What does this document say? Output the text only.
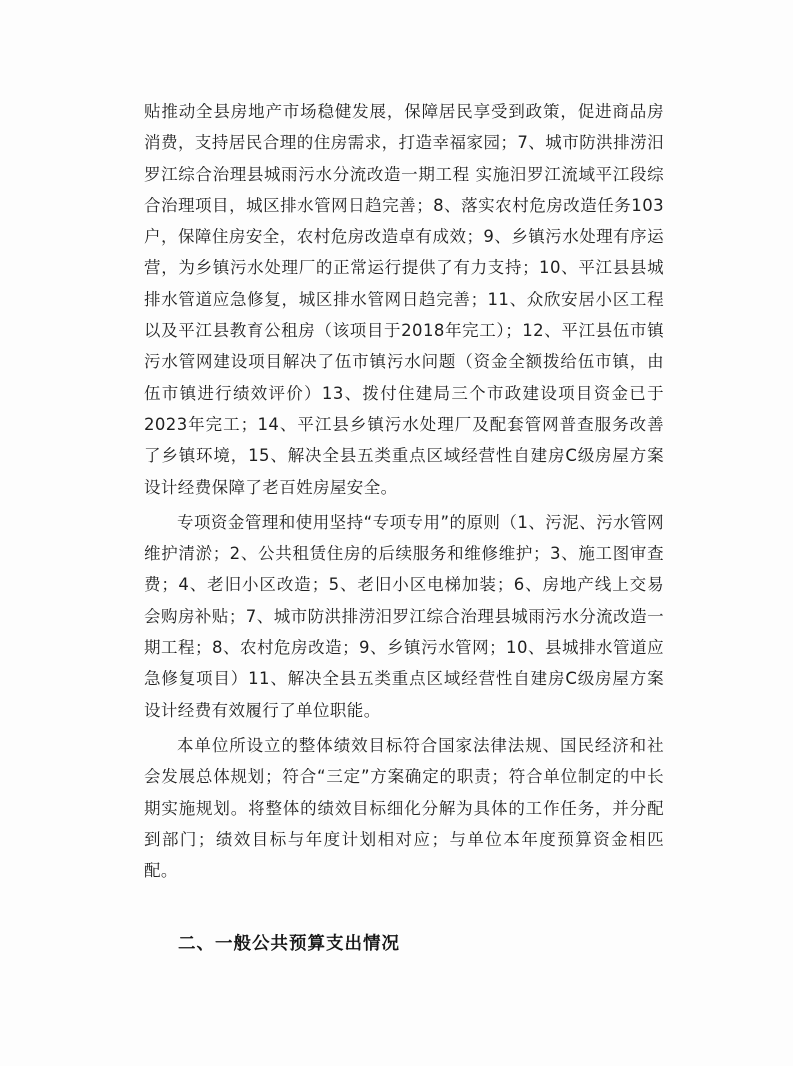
贴推动全县房地产市场稳健发展，保障居民享受到政策，促进商品房消费，支持居民合理的住房需求，打造幸福家园；7、城市防洪排涝汨罗江综合治理县城雨污水分流改造一期工程 实施汨罗江流域平江段综合治理项目，城区排水管网日趋完善；8、落实农村危房改造任务103户，保障住房安全，农村危房改造卓有成效；9、乡镇污水处理有序运营，为乡镇污水处理厂的正常运行提供了有力支持；10、平江县县城排水管道应急修复，城区排水管网日趋完善；11、众欣安居小区工程以及平江县教育公租房（该项目于2018年完工）；12、平江县伍市镇污水管网建设项目解决了伍市镇污水问题（资金全额拨给伍市镇，由伍市镇进行绩效评价）13、拨付住建局三个市政建设项目资金已于2023年完工；14、平江县乡镇污水处理厂及配套管网普查服务改善了乡镇环境，15、解决全县五类重点区域经营性自建房C级房屋方案设计经费保障了老百姓房屋安全。

专项资金管理和使用坚持“专项专用”的原则（1、污泥、污水管网维护清淤；2、公共租赁住房的后续服务和维修维护；3、施工图审查费；4、老旧小区改造；5、老旧小区电梯加装；6、房地产线上交易会购房补贴；7、城市防洪排涝汨罗江综合治理县城雨污水分流改造一期工程；8、农村危房改造；9、乡镇污水管网；10、县城排水管道应急修复项目）11、解决全县五类重点区域经营性自建房C级房屋方案设计经费有效履行了单位职能。

本单位所设立的整体绩效目标符合国家法律法规、国民经济和社会发展总体规划；符合“三定”方案确定的职责；符合单位制定的中长期实施规划。将整体的绩效目标细化分解为具体的工作任务，并分配到部门；绩效目标与年度计划相对应；与单位本年度预算资金相匹配。

二、一般公共预算支出情况
